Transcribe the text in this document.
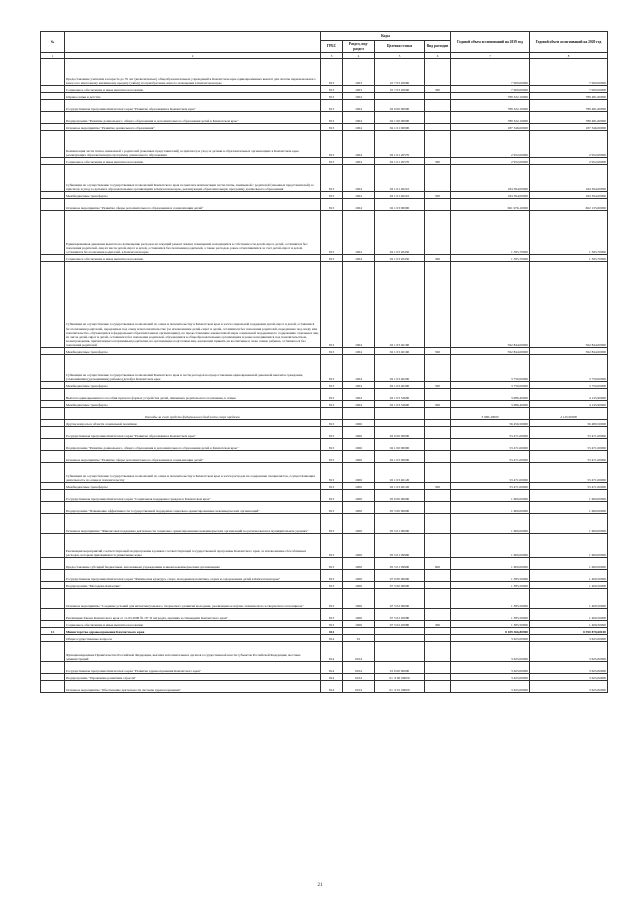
№		Коды				Годовой объем ассигнований на 2019 год	Годовой объем ассигнований на 2020 год
		ГРБС	Раздел, под-раздел	Целевая статья	Вид расходов		
1	2	3	4	5	6	7	8
	Предоставление учителям в возрасте до 35 лет (включительно) общеобразовательных учреждений в Камчатском крае единовременных выплат для оплаты первоначального взноса по ипотечному жилищному кредиту (займу) на приобретение жилого помещения в Камчатском крае	813	1003	10 7 03 20060		7 000,00000	7 000,00000
	Социальное обеспечение и иные выплаты населению	813	1003	10 7 03 20060	300	7 000,00000	7 000,00000
	Охрана семьи и детства	813	1004			789 322,10000	789 481,60000
	Государственная программа Камчатского края "Развитие образования в Камчатском крае"	813	1004	02 0 00 00000		789 322,10000	789 481,60000
	Подпрограмма "Развитие дошкольного, общего образования и дополнительного образования детей в Камчатском крае"	813	1004	02 1 00 00000		789 322,10000	789 481,60000
	Основное мероприятие "Развитие дошкольного образования"	813	1004	02 1 01 00000		187 346,00000	187 346,00000
	Компенсация части платы, взимаемой с родителей (законных представителей) за присмотр и уход за детьми в образовательных организациях в Камчатском крае, реализующих образовательную программу дошкольного образования	813	1004	02 1 01 20570		2 952,00000	2 952,00000
	Социальное обеспечение и иные выплаты населению	813	1004	02 1 01 20570	300	2 952,00000	2 952,00000
	Субвенции на осуществление государственных полномочий Камчатского края по выплате компенсации части платы, взимаемой с родителей (законных представителей) за присмотр и уход за детьми в образовательных организациях в Камчатском крае, реализующих образовательную программу дошкольного образования	813	1004	02 1 01 40210		184 394,00000	184 394,00000
	Межбюджетные трансферты	813	1004	02 1 01 40210	500	184 394,00000	184 394,00000
	Основное мероприятие "Развитие сферы дополнительного образования и социализации детей"	813	1004	02 1 03 00000		601 976,10000	602 135,60000
	Единовременная денежная выплата на возмещение расходов на текущий ремонт жилых помещений, находящихся в собственности детей-сирот, детей, оставшихся без попечения родителей, лиц из числа детей-сирот и детей, оставшихся без попечения родителей, а также расходов, ранее отчислявшихся за счет детей-сирот и детей, оставшихся без попечения родителей, в Камчатском крае	813	1004	02 1 03 20450		1 395,70000	1 395,70000
	Социальное обеспечение и иные выплаты населению	813	1004	02 1 03 20450	300	1 395,70000	1 395,70000
	Субвенции на осуществление государственных полномочий по опеке и попечительству в Камчатском крае в части социальной поддержки детей-сирот и детей, оставшихся без попечения родителей, переданных под опеку или попечительство (за исключением детей-сирот и детей, оставшихся без попечения родителей, переданных под опеку или попечительство, обучающихся в федеральных образовательных организациях), по предоставлению ежемесячной меры социальной поддержки по содержанию отдельных лиц из числа детей-сирот и детей, оставшихся без попечения родителей, обучающихся в общеобразовательных организациях и ранее находившихся под попечительством, вознаграждения, причитающегося приемным родителям, на организацию подготовки лиц, желающих принять на воспитание в свою семью ребенка, оставшегося без попечения родителей	813	1004	02 1 03 40160		592 844,00000	592 844,00000
	Межбюджетные трансферты	813	1004	02 1 03 40160	500	592 844,00000	592 844,00000
	Субвенции на осуществление государственных полномочий Камчатского края и части расходов на предоставление единовременной денежной выплаты гражданам, усыновившим (удочерившим) ребенка (детей) в Камчатском крае	813	1004	02 1 03 40200		3 750,00000	3 750,00000
	Межбюджетные трансферты	813	1004	02 1 03 40200	500	3 750,00000	3 750,00000
	Выплата единовременного пособия при всех формах устройства детей, лишенных родительского попечения, в семью	813	1004	02 1 03 52600		3 986,40000	4 145,90000
	Межбюджетные трансферты	813	1004	02 1 03 52600	500	3 986,40000	4 145,90000
	Расходы за счет средств федерального бюджета сверх пределов					3 986,40000	4 145,90000
	Другие вопросы в области социальной политики	813	1006			56 456,50000	56 480,50000
	Государственная программа Камчатского края "Развитие образования в Камчатском крае"	813	1006	02 0 00 00000		53 471,00000	53 471,00000
	Подпрограмма "Развитие дошкольного, общего образования и дополнительного образования детей в Камчатском крае"	813	1006	02 1 00 00000		53 471,00000	53 471,00000
	Основное мероприятие "Развитие сферы дополнительного образования и социализации детей"	813	1006	02 1 03 00000		53 471,00000	53 471,00000
	Субвенции на осуществление государственных полномочий по опеке и попечительству в Камчатском крае в части расходов на содержание специалистов, осуществляющих деятельность по опеке и попечительству	813	1006	02 1 03 40120		53 471,00000	53 471,00000
	Межбюджетные трансферты	813	1006	02 1 03 40120	500	53 471,00000	53 471,00000
	Государственная программа Камчатского края "Социальная поддержка граждан в Камчатском крае"	813	1006	05 0 00 00000		1 600,00000	1 600,00000
	Подпрограмма "Повышение эффективности государственной поддержки социально-ориентированных некоммерческих организаций"	813	1006	05 5 00 00000		1 600,00000	1 600,00000
	Основное мероприятие "Финансовая поддержка деятельности социально ориентированных некоммерческих организаций на региональном и муниципальном уровнях"	813	1006	05 5 01 00000		1 600,00000	1 600,00000
	Реализация мероприятий соответствующей подпрограммы в рамках соответствующей государственной программы Камчатского края, за исключением обособленных расходов, которым присваиваются уникальные коды	813	1006	05 5 01 09990		1 600,00000	1 600,00000
	Предоставление субсидий бюджетным, автономным учреждениям и иным некоммерческим организациям	813	1006	05 5 01 09990	600	1 600,00000	1 600,00000
	Государственная программа Камчатского края "Физическая культура, спорт, молодежная политика, отдых и оздоровление детей в Камчатском крае"	813	1006	07 0 00 00000		1 385,50000	1 409,50000
	Подпрограмма "Молодежь Камчатки"	813	1006	07 5 00 00000		1 385,50000	1 409,50000
	Основное мероприятие "Создание условий для интеллектуального, творческого развития молодежи, реализации ее научно-технического и творческого потенциала"	813	1006	07 5 02 00000		1 385,50000	1 409,50000
	Реализация Закона Камчатского края от 11.03.2008 № 18 "О наградах, премиях и стипендиях Камчатского края"	813	1006	07 5 02 20080		1 385,50000	1 409,50000
	Социальное обеспечение и иные выплаты населению	813	1006	07 5 02 20080	300	1 385,50000	1 409,50000
12	Министерство здравоохранения Камчатского края	814				8 189 366,80900	8 390 878,68100
	Общегосударственные вопросы	814	01			3 625,00000	3 625,00000
	Функционирование Правительства Российской Федерации, высших исполнительных органов государственной власти субъектов Российской Федерации, местных администраций	814	0104			3 625,00000	3 625,00000
	Государственная программа Камчатского края "Развитие здравоохранения Камчатского края"	814	0104	01 0 00 00000		3 625,00000	3 625,00000
	Подпрограмма "Управление развитием отрасли"	814	0104	01 Э 00 00000		3 625,00000	3 625,00000
	Основное мероприятие "Обеспечение деятельности системы здравоохранения"	814	0104	01 Э 01 00000		3 625,00000	3 625,00000
21
